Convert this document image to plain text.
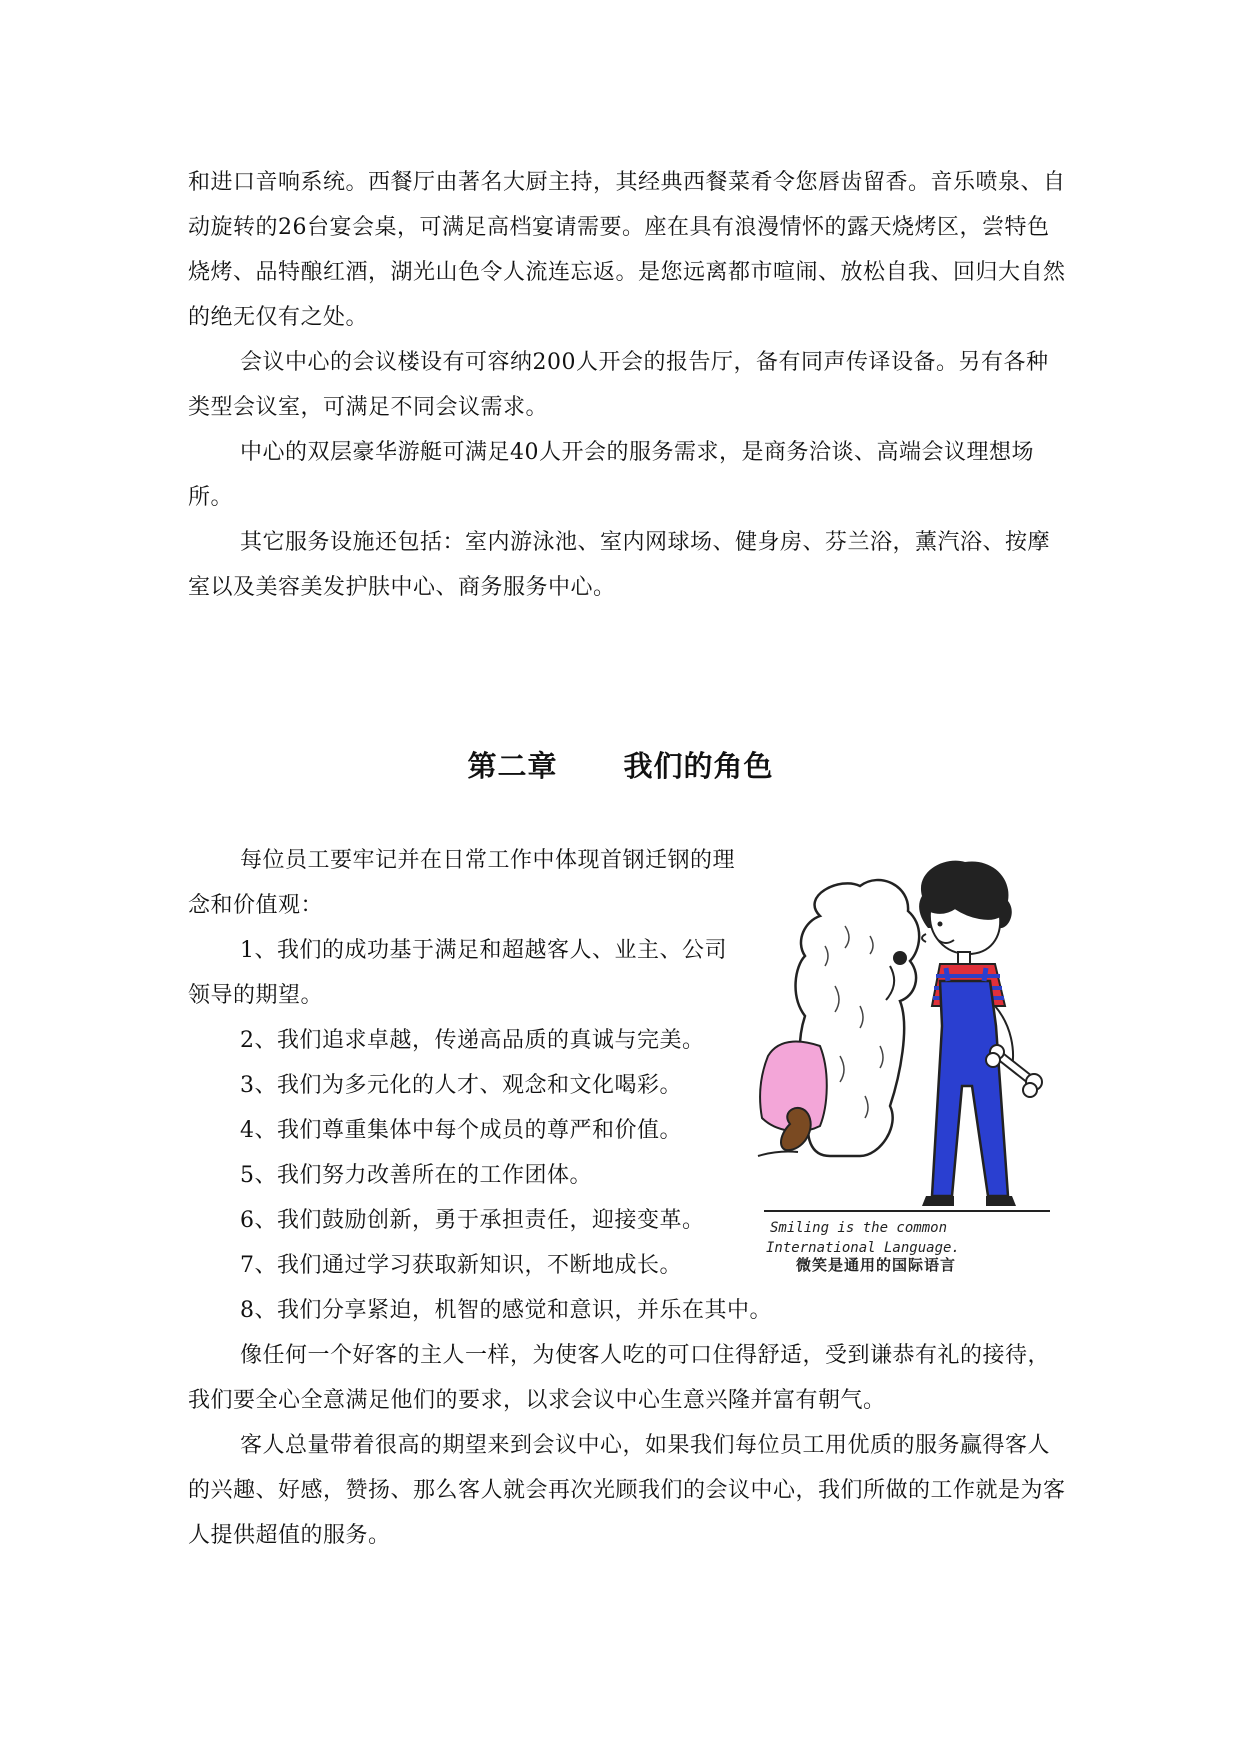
和进口音响系统。西餐厅由著名大厨主持，其经典西餐菜肴令您唇齿留香。音乐喷泉、自动旋转的26台宴会桌，可满足高档宴请需要。座在具有浪漫情怀的露天烧烤区，尝特色烧烤、品特酿红酒，湖光山色令人流连忘返。是您远离都市喧闹、放松自我、回归大自然的绝无仅有之处。

会议中心的会议楼设有可容纳200人开会的报告厅，备有同声传译设备。另有各种类型会议室，可满足不同会议需求。

中心的双层豪华游艇可满足40人开会的服务需求，是商务洽谈、高端会议理想场所。

其它服务设施还包括：室内游泳池、室内网球场、健身房、芬兰浴，薰汽浴、按摩室以及美容美发护肤中心、商务服务中心。

第二章 我们的角色

每位员工要牢记并在日常工作中体现首钢迁钢的理念和价值观：

1、我们的成功基于满足和超越客人、业主、公司领导的期望。

2、我们追求卓越，传递高品质的真诚与完美。

3、我们为多元化的人才、观念和文化喝彩。

4、我们尊重集体中每个成员的尊严和价值。

5、我们努力改善所在的工作团体。

6、我们鼓励创新，勇于承担责任，迎接变革。

7、我们通过学习获取新知识，不断地成长。

Smiling is the common
International Language.
微笑是通用的国际语言

8、我们分享紧迫，机智的感觉和意识，并乐在其中。

像任何一个好客的主人一样，为使客人吃的可口住得舒适，受到谦恭有礼的接待，我们要全心全意满足他们的要求，以求会议中心生意兴隆并富有朝气。

客人总量带着很高的期望来到会议中心，如果我们每位员工用优质的服务赢得客人的兴趣、好感，赞扬、那么客人就会再次光顾我们的会议中心，我们所做的工作就是为客人提供超值的服务。
